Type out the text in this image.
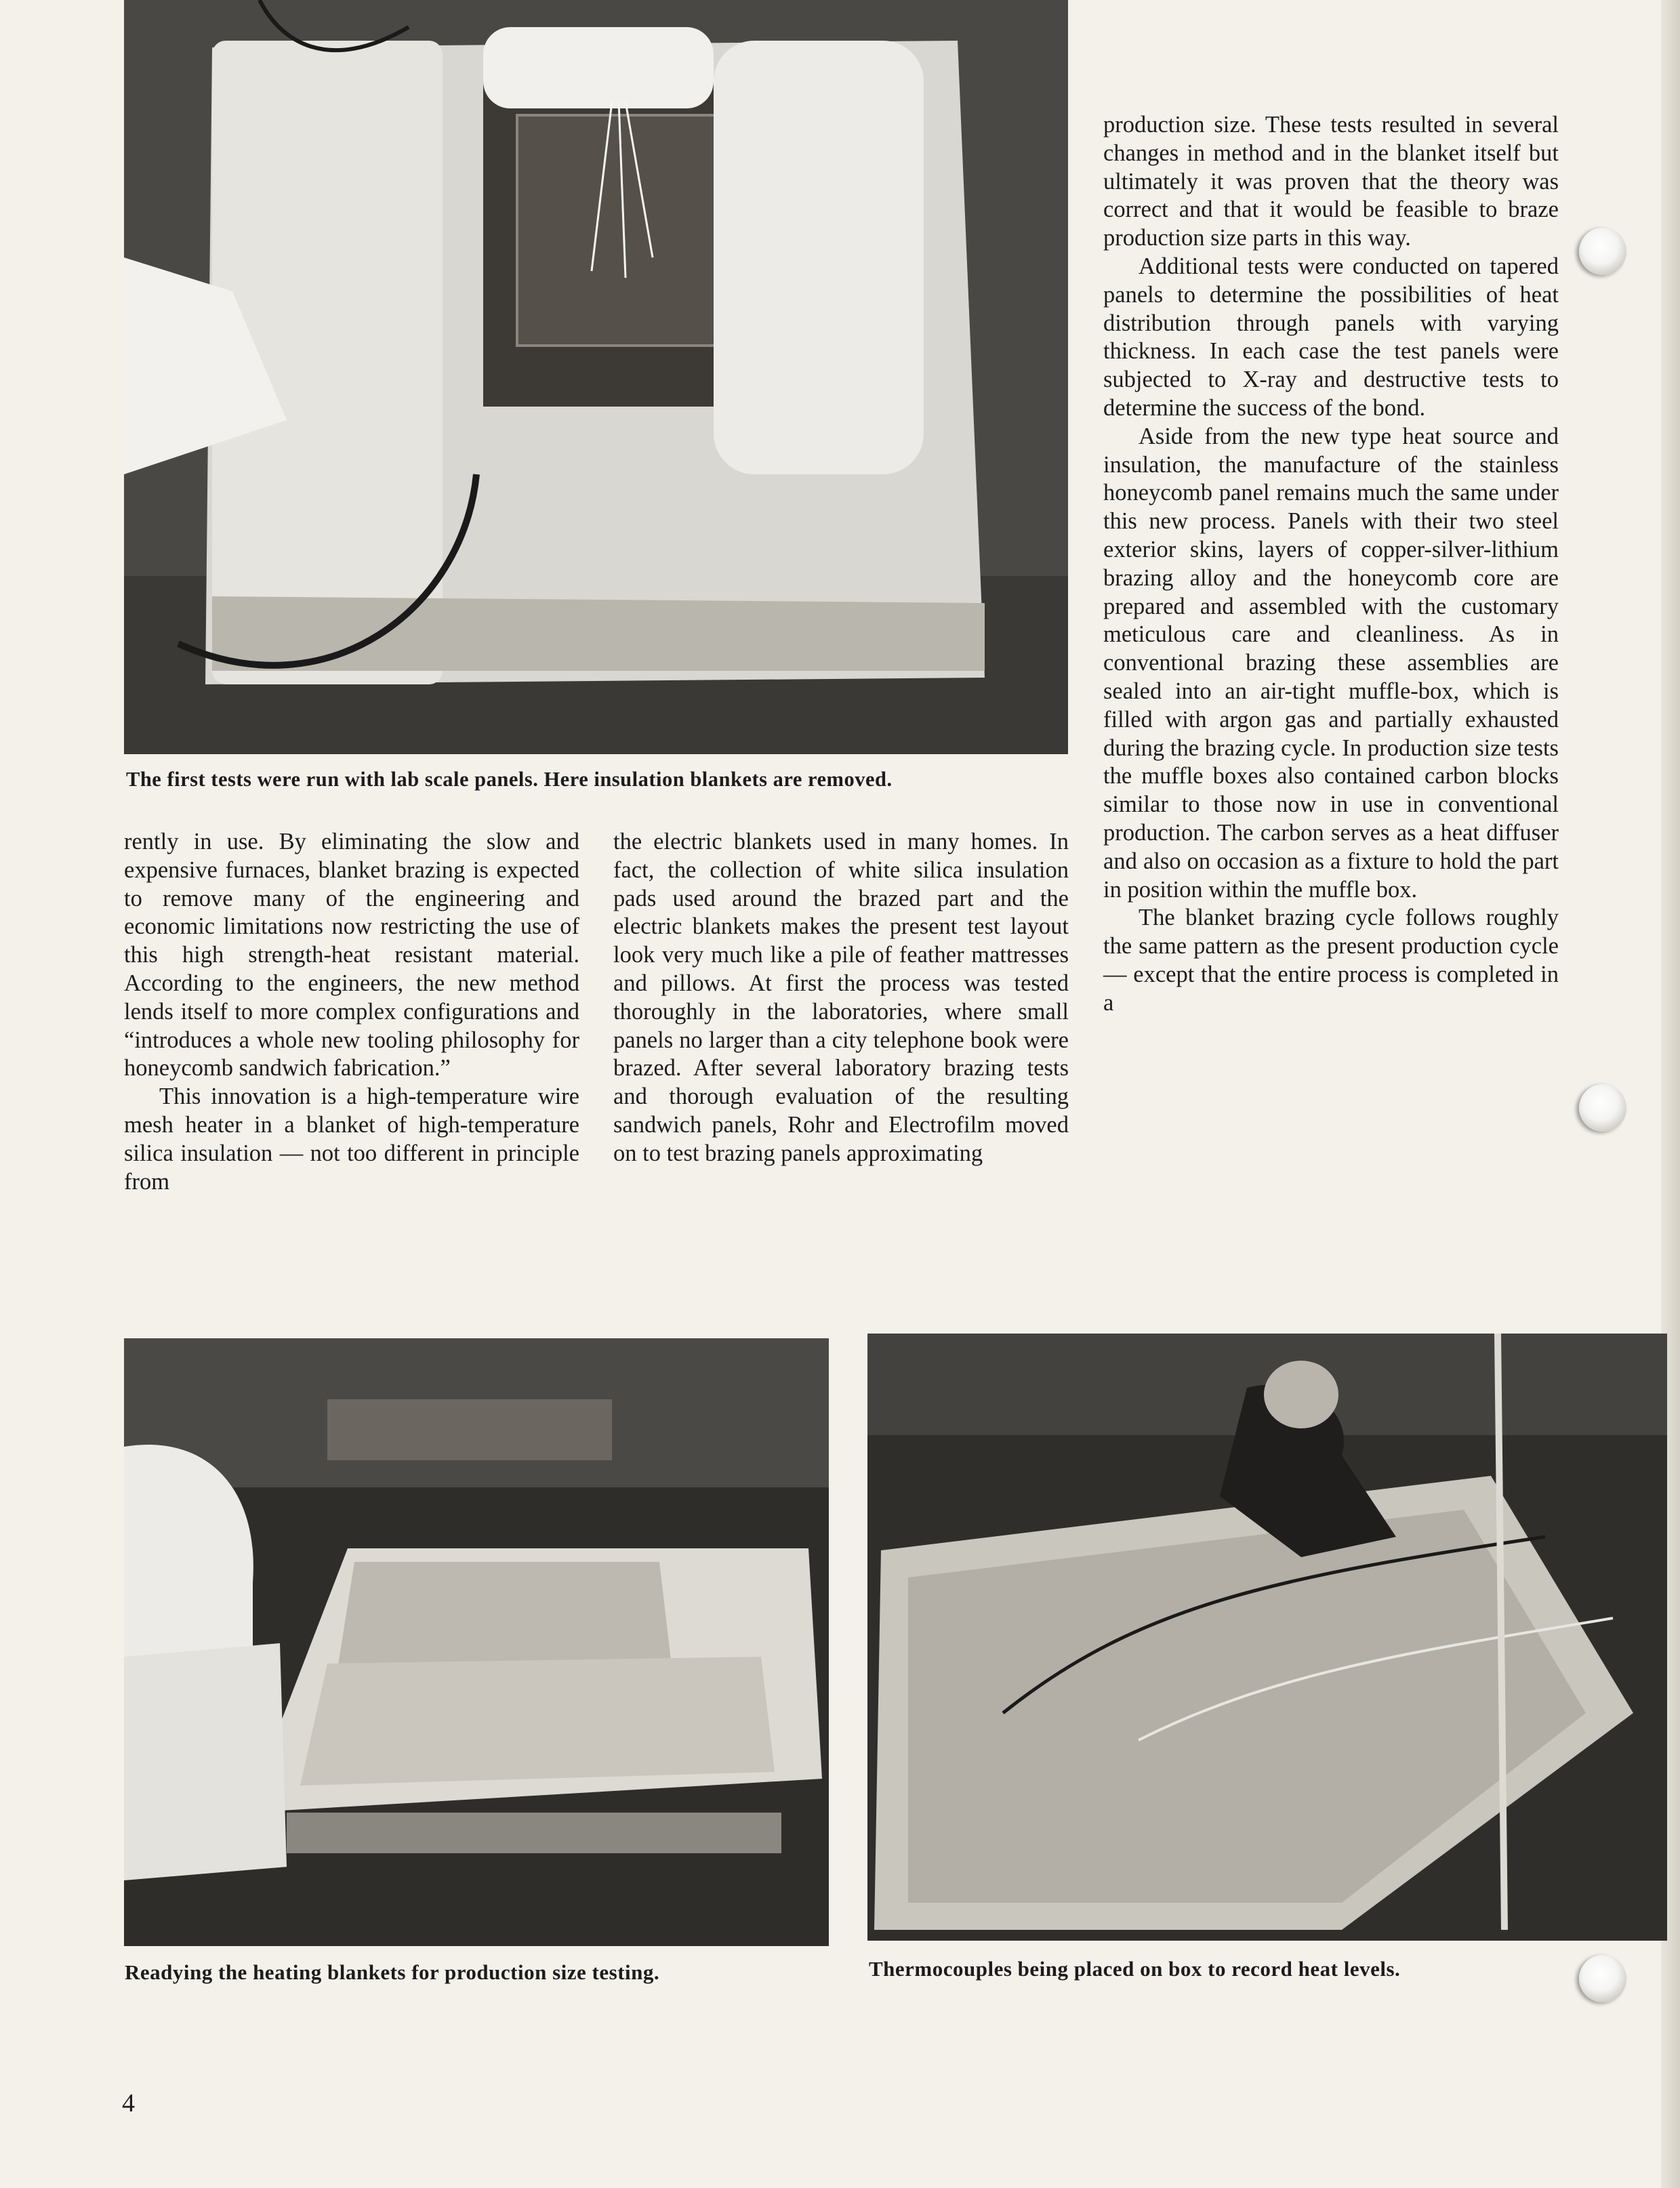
The first tests were run with lab scale panels. Here insulation blankets are removed.

production size. These tests resulted in several changes in method and in the blanket itself but ultimately it was proven that the theory was correct and that it would be feasible to braze production size parts in this way.

Additional tests were conducted on tapered panels to determine the possibilities of heat distribution through panels with varying thickness. In each case the test panels were subjected to X-ray and destructive tests to determine the success of the bond.

Aside from the new type heat source and insulation, the manufacture of the stainless honeycomb panel remains much the same under this new process. Panels with their two steel exterior skins, layers of copper-silver-lithium brazing alloy and the honeycomb core are prepared and assembled with the customary meticulous care and cleanliness. As in conventional brazing these assemblies are sealed into an air-tight muffle-box, which is filled with argon gas and partially exhausted during the brazing cycle. In production size tests the muffle boxes also contained carbon blocks similar to those now in use in conventional production. The carbon serves as a heat diffuser and also on occasion as a fixture to hold the part in position within the muffle box.

The blanket brazing cycle follows roughly the same pattern as the present production cycle — except that the entire process is completed in a

rently in use. By eliminating the slow and expensive furnaces, blanket brazing is expected to remove many of the engineering and economic limitations now restricting the use of this high strength-heat resistant material. According to the engineers, the new method lends itself to more complex configurations and “introduces a whole new tooling philosophy for honeycomb sandwich fabrication.”

This innovation is a high-temperature wire mesh heater in a blanket of high-temperature silica insulation — not too different in principle from

the electric blankets used in many homes. In fact, the collection of white silica insulation pads used around the brazed part and the electric blankets makes the present test layout look very much like a pile of feather mattresses and pillows. At first the process was tested thoroughly in the laboratories, where small panels no larger than a city telephone book were brazed. After several laboratory brazing tests and thorough evaluation of the resulting sandwich panels, Rohr and Electrofilm moved on to test brazing panels approximating

Readying the heating blankets for production size testing.	Thermocouples being placed on box to record heat levels.
4
